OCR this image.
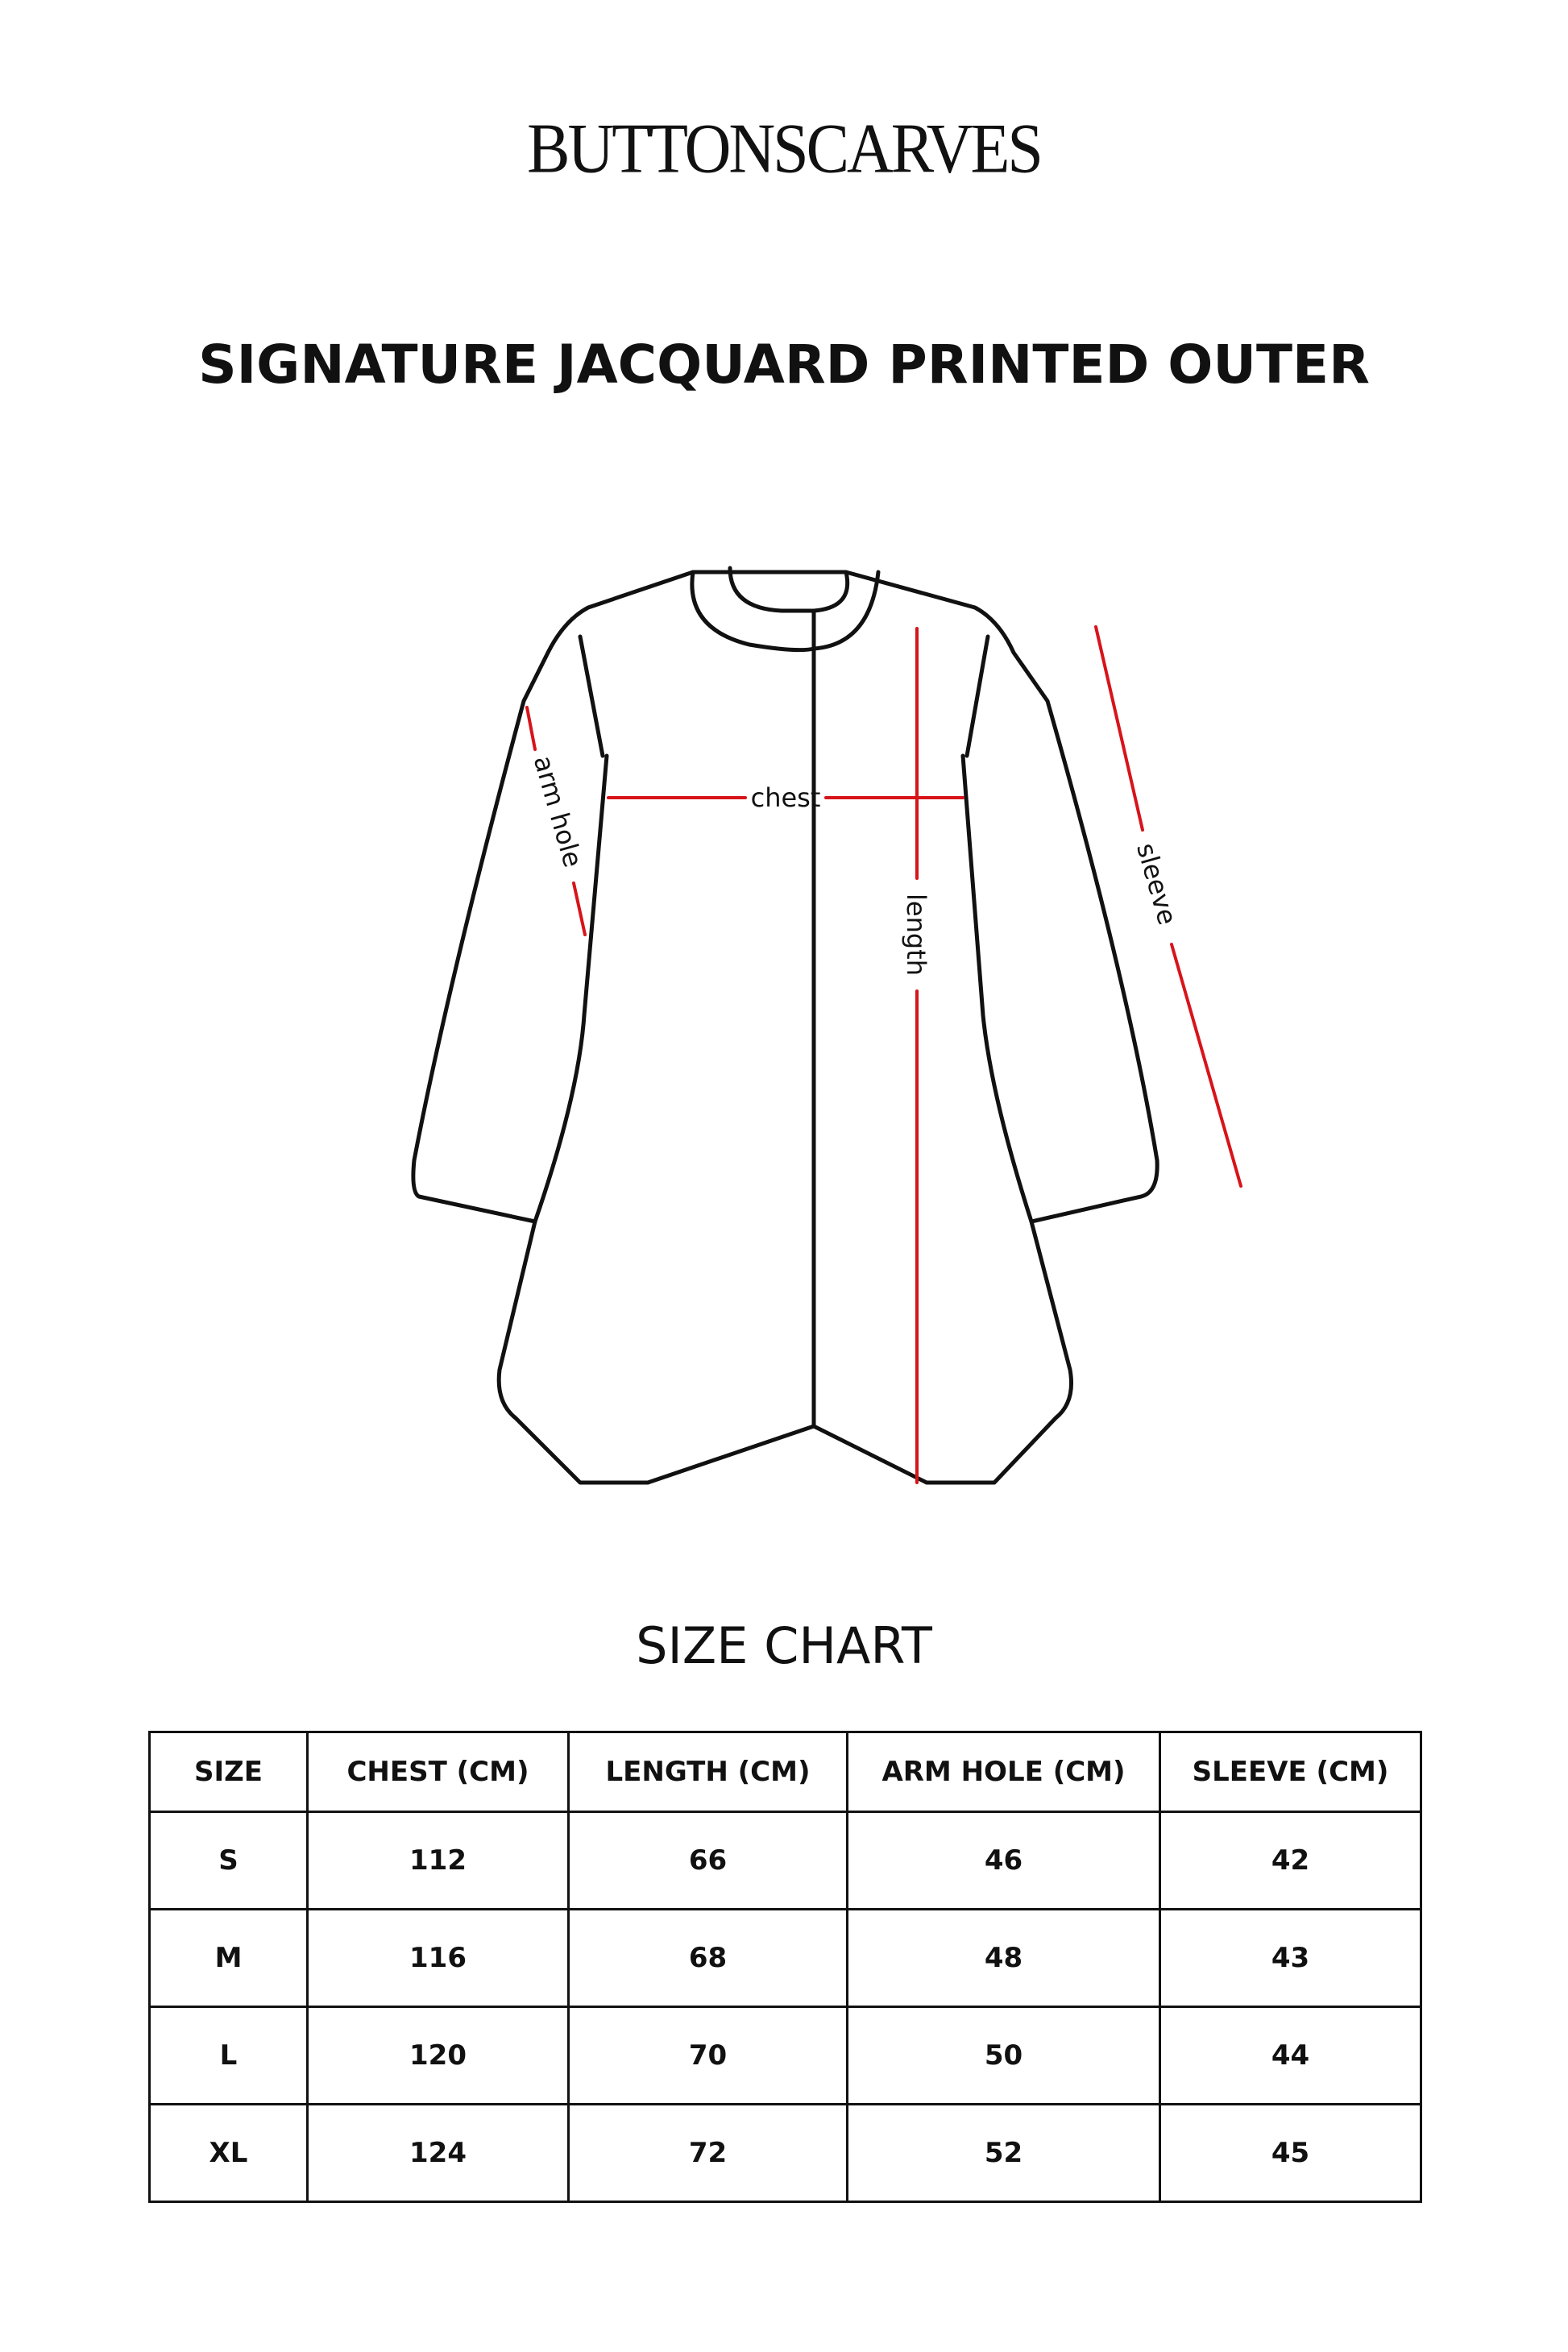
BUTTONSCARVES
SIGNATURE JACQUARD PRINTED OUTER
chest
length
arm hole
sleeve
SIZE CHART
SIZE	CHEST (CM)	LENGTH (CM)	ARM HOLE (CM)	SLEEVE (CM)
S	112	66	46	42
M	116	68	48	43
L	120	70	50	44
XL	124	72	52	45
